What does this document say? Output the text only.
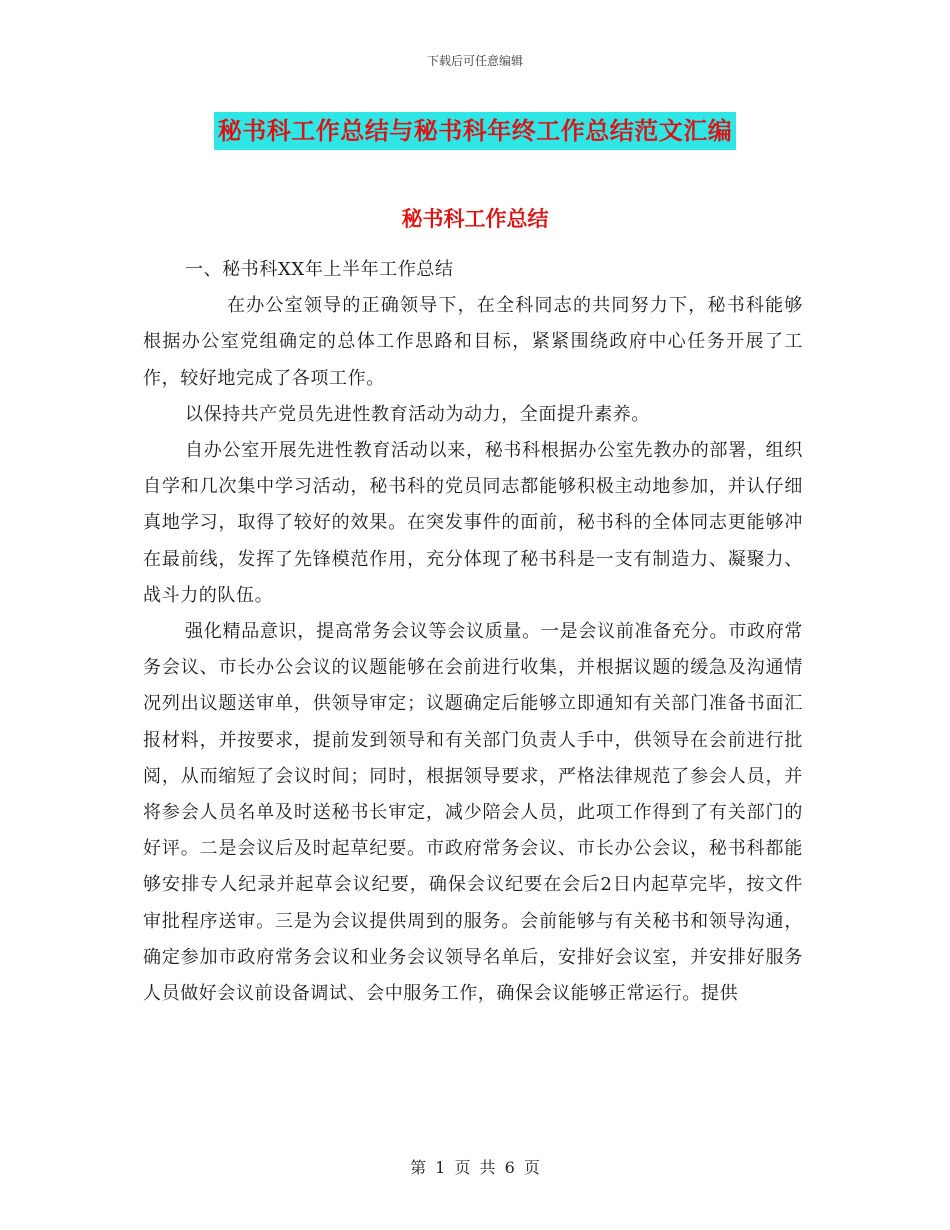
下载后可任意编辑
秘书科工作总结与秘书科年终工作总结范文汇编
秘书科工作总结

一、秘书科XX年上半年工作总结

在办公室领导的正确领导下，在全科同志的共同努力下，秘书科能够根据办公室党组确定的总体工作思路和目标，紧紧围绕政府中心任务开展了工作，较好地完成了各项工作。

以保持共产党员先进性教育活动为动力，全面提升素养。

自办公室开展先进性教育活动以来，秘书科根据办公室先教办的部署，组织自学和几次集中学习活动，秘书科的党员同志都能够积极主动地参加，并认仔细真地学习，取得了较好的效果。在突发事件的面前，秘书科的全体同志更能够冲在最前线，发挥了先锋模范作用，充分体现了秘书科是一支有制造力、凝聚力、战斗力的队伍。

强化精品意识，提高常务会议等会议质量。一是会议前准备充分。市政府常务会议、市长办公会议的议题能够在会前进行收集，并根据议题的缓急及沟通情况列出议题送审单，供领导审定；议题确定后能够立即通知有关部门准备书面汇报材料，并按要求，提前发到领导和有关部门负责人手中，供领导在会前进行批阅，从而缩短了会议时间；同时，根据领导要求，严格法律规范了参会人员，并将参会人员名单及时送秘书长审定，减少陪会人员，此项工作得到了有关部门的好评。二是会议后及时起草纪要。市政府常务会议、市长办公会议，秘书科都能够安排专人纪录并起草会议纪要，确保会议纪要在会后2日内起草完毕，按文件审批程序送审。三是为会议提供周到的服务。会前能够与有关秘书和领导沟通，确定参加市政府常务会议和业务会议领导名单后，安排好会议室，并安排好服务人员做好会议前设备调试、会中服务工作，确保会议能够正常运行。提供

第 1 页 共 6 页
